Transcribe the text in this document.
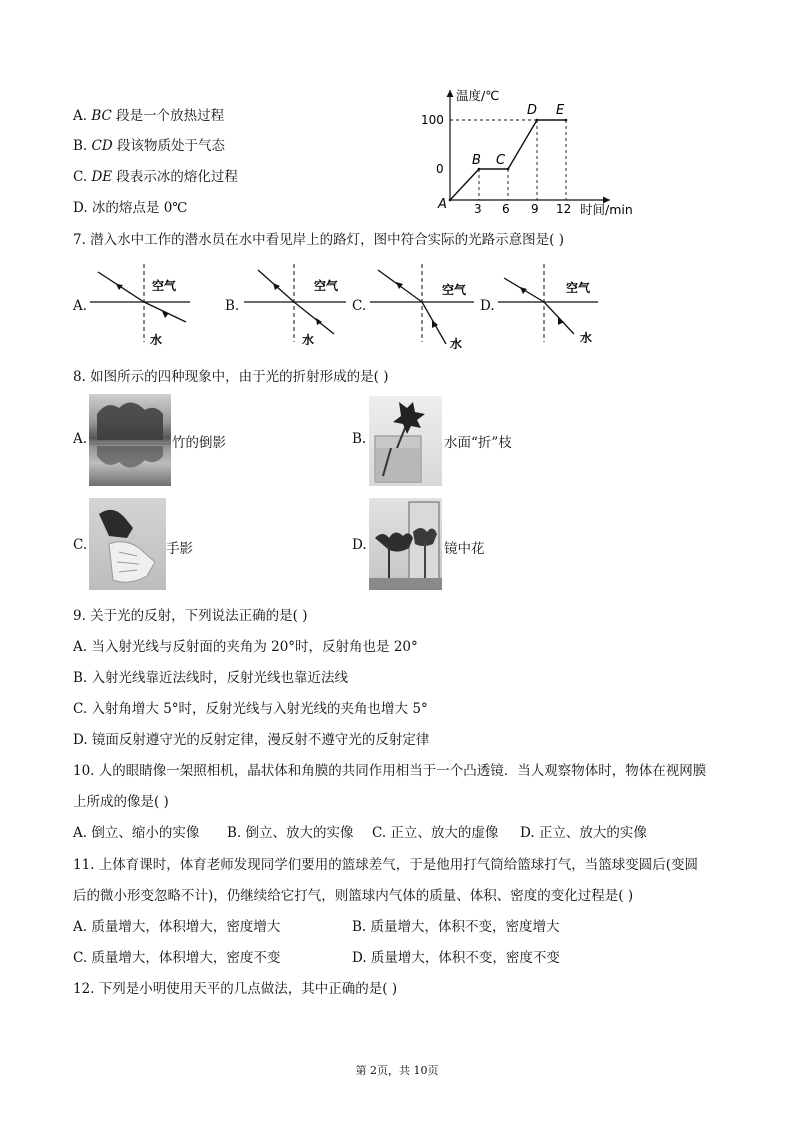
A. BC 段是一个放热过程
B. CD 段该物质处于气态
C. DE 段表示冰的熔化过程
D. 冰的熔点是 0℃
温度/℃
时间/min
100
0
3 6 9 12
A
B C
D E
7. 潜入水中工作的潜水员在水中看见岸上的路灯，图中符合实际的光路示意图是( )
A.
空气
水
B.
空气
水
C.
空气
水
D.
空气
水
8. 如图所示的四种现象中，由于光的折射形成的是( )
A.	竹的倒影	B.	水面“折”枝
C.	手影	D.	镜中花
9. 关于光的反射，下列说法正确的是( )
A. 当入射光线与反射面的夹角为 20°时，反射角也是 20°
B. 入射光线靠近法线时，反射光线也靠近法线
C. 入射角增大 5°时，反射光线与入射光线的夹角也增大 5°
D. 镜面反射遵守光的反射定律，漫反射不遵守光的反射定律
10. 人的眼睛像一架照相机，晶状体和角膜的共同作用相当于一个凸透镜．当人观察物体时，物体在视网膜
上所成的像是( )
A. 倒立、缩小的实像 B. 倒立、放大的实像 C. 正立、放大的虚像 D. 正立、放大的实像
11. 上体育课时，体育老师发现同学们要用的篮球差气，于是他用打气筒给篮球打气，当篮球变圆后(变圆
后的微小形变忽略不计)，仍继续给它打气，则篮球内气体的质量、体积、密度的变化过程是( )
A. 质量增大，体积增大，密度增大	B. 质量增大，体积不变，密度增大
C. 质量增大，体积增大，密度不变	D. 质量增大，体积不变，密度不变
12. 下列是小明使用天平的几点做法，其中正确的是( )
第 2页，共 10页
